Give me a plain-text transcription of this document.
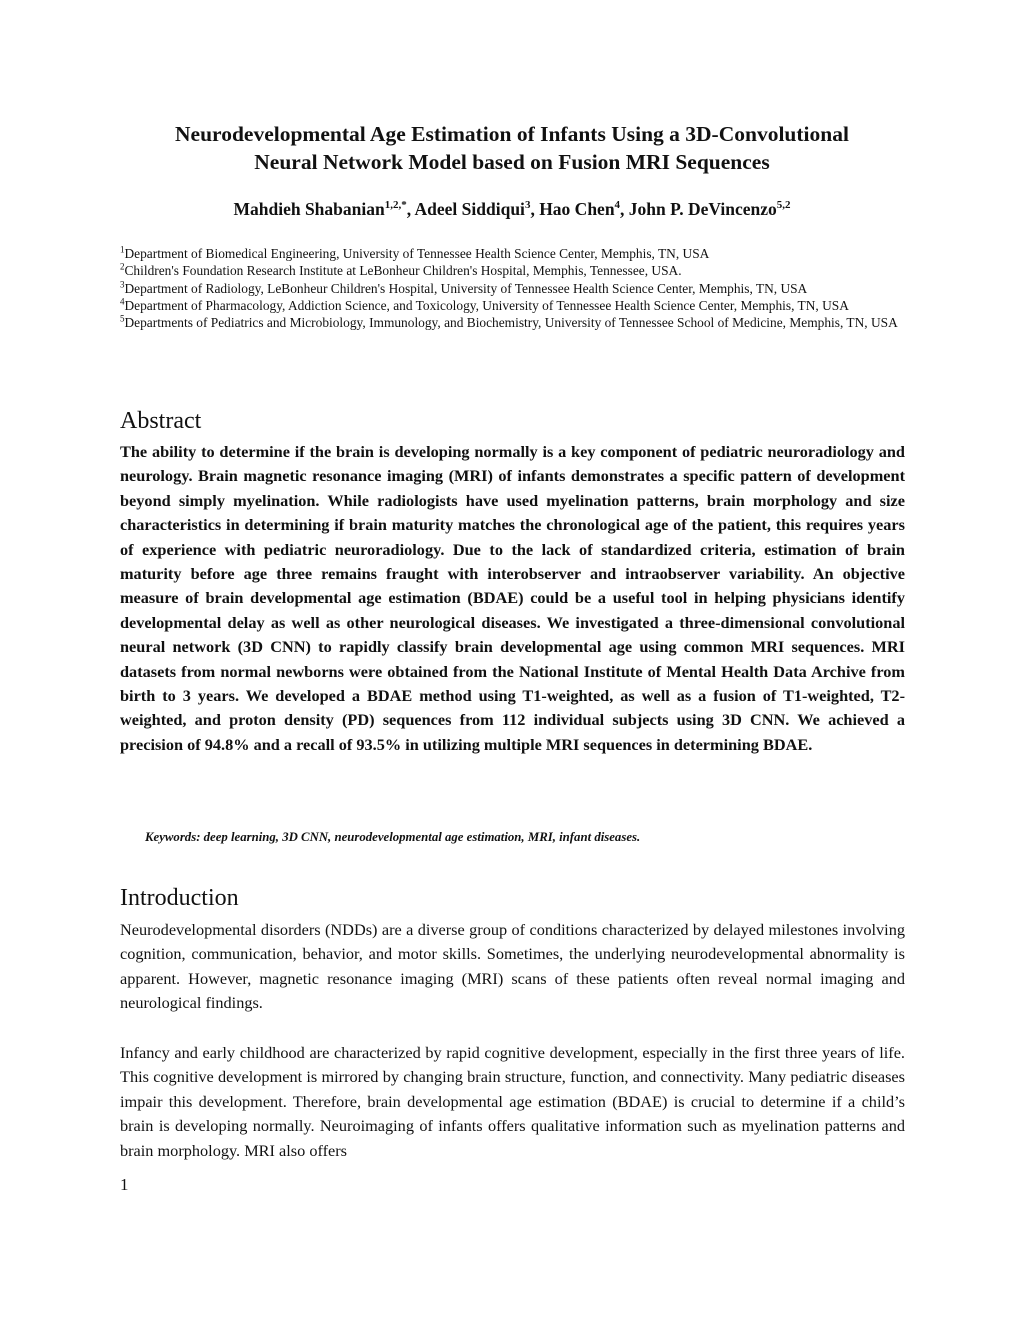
Neurodevelopmental Age Estimation of Infants Using a 3D-Convolutional
Neural Network Model based on Fusion MRI Sequences
Mahdieh Shabanian$^{1,2,*}$, Adeel Siddiqui$^3$, Hao Chen$^4$, John P. DeVincenzo$^{5,2}$
$^1$Department of Biomedical Engineering, University of Tennessee Health Science Center, Memphis, TN, USA
$^2$Children's Foundation Research Institute at LeBonheur Children's Hospital, Memphis, Tennessee, USA.
$^3$Department of Radiology, LeBonheur Children's Hospital, University of Tennessee Health Science Center, Memphis, TN, USA
$^4$Department of Pharmacology, Addiction Science, and Toxicology, University of Tennessee Health Science Center, Memphis, TN, USA
$^5$Departments of Pediatrics and Microbiology, Immunology, and Biochemistry, University of Tennessee School of Medicine, Memphis, TN, USA
Abstract
The ability to determine if the brain is developing normally is a key component of pediatric neuroradiology and neurology. Brain magnetic resonance imaging (MRI) of infants demonstrates a specific pattern of development beyond simply myelination. While radiologists have used myelination patterns, brain morphology and size characteristics in determining if brain maturity matches the chronological age of the patient, this requires years of experience with pediatric neuroradiology. Due to the lack of standardized criteria, estimation of brain maturity before age three remains fraught with interobserver and intraobserver variability. An objective measure of brain developmental age estimation (BDAE) could be a useful tool in helping physicians identify developmental delay as well as other neurological diseases. We investigated a three-dimensional convolutional neural network (3D CNN) to rapidly classify brain developmental age using common MRI sequences. MRI datasets from normal newborns were obtained from the National Institute of Mental Health Data Archive from birth to 3 years. We developed a BDAE method using T1-weighted, as well as a fusion of T1-weighted, T2-weighted, and proton density (PD) sequences from 112 individual subjects using 3D CNN. We achieved a precision of 94.8% and a recall of 93.5% in utilizing multiple MRI sequences in determining BDAE.
Keywords: deep learning, 3D CNN, neurodevelopmental age estimation, MRI, infant diseases.
Introduction
Neurodevelopmental disorders (NDDs) are a diverse group of conditions characterized by delayed milestones involving cognition, communication, behavior, and motor skills. Sometimes, the underlying neurodevelopmental abnormality is apparent. However, magnetic resonance imaging (MRI) scans of these patients often reveal normal imaging and neurological findings.
Infancy and early childhood are characterized by rapid cognitive development, especially in the first three years of life. This cognitive development is mirrored by changing brain structure, function, and connectivity. Many pediatric diseases impair this development. Therefore, brain developmental age estimation (BDAE) is crucial to determine if a child’s brain is developing normally. Neuroimaging of infants offers qualitative information such as myelination patterns and brain morphology. MRI also offers
1
